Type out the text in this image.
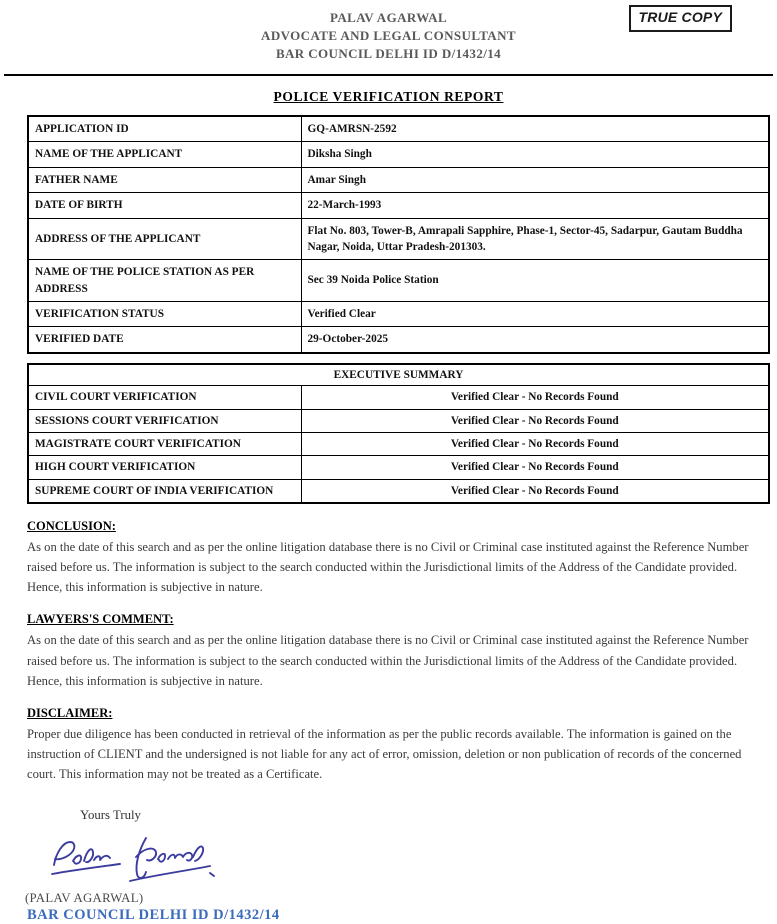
TRUE COPY
PALAV AGARWAL
ADVOCATE AND LEGAL CONSULTANT
BAR COUNCIL DELHI ID D/1432/14
POLICE VERIFICATION REPORT
APPLICATION ID	GQ-AMRSN-2592
NAME OF THE APPLICANT	Diksha Singh
FATHER NAME	Amar Singh
DATE OF BIRTH	22-March-1993
ADDRESS OF THE APPLICANT	Flat No. 803, Tower-B, Amrapali Sapphire, Phase-1, Sector-45, Sadarpur, Gautam Buddha Nagar, Noida, Uttar Pradesh-201303.
NAME OF THE POLICE STATION AS PER ADDRESS	Sec 39 Noida Police Station
VERIFICATION STATUS	Verified Clear
VERIFIED DATE	29-October-2025
EXECUTIVE SUMMARY	
CIVIL COURT VERIFICATION	Verified Clear - No Records Found
SESSIONS COURT VERIFICATION	Verified Clear - No Records Found
MAGISTRATE COURT VERIFICATION	Verified Clear - No Records Found
HIGH COURT VERIFICATION	Verified Clear - No Records Found
SUPREME COURT OF INDIA VERIFICATION	Verified Clear - No Records Found
CONCLUSION:

As on the date of this search and as per the online litigation database there is no Civil or Criminal case instituted against the Reference Number raised before us. The information is subject to the search conducted within the Jurisdictional limits of the Address of the Candidate provided. Hence, this information is subjective in nature.

LAWYERS'S COMMENT:

As on the date of this search and as per the online litigation database there is no Civil or Criminal case instituted against the Reference Number raised before us. The information is subject to the search conducted within the Jurisdictional limits of the Address of the Candidate provided. Hence, this information is subjective in nature.

DISCLAIMER:

Proper due diligence has been conducted in retrieval of the information as per the public records available. The information is gained on the instruction of CLIENT and the undersigned is not liable for any act of error, omission, deletion or non publication of records of the concerned court. This information may not be treated as a Certificate.

Yours Truly
(PALAV AGARWAL)
BAR COUNCIL DELHI ID D/1432/14
